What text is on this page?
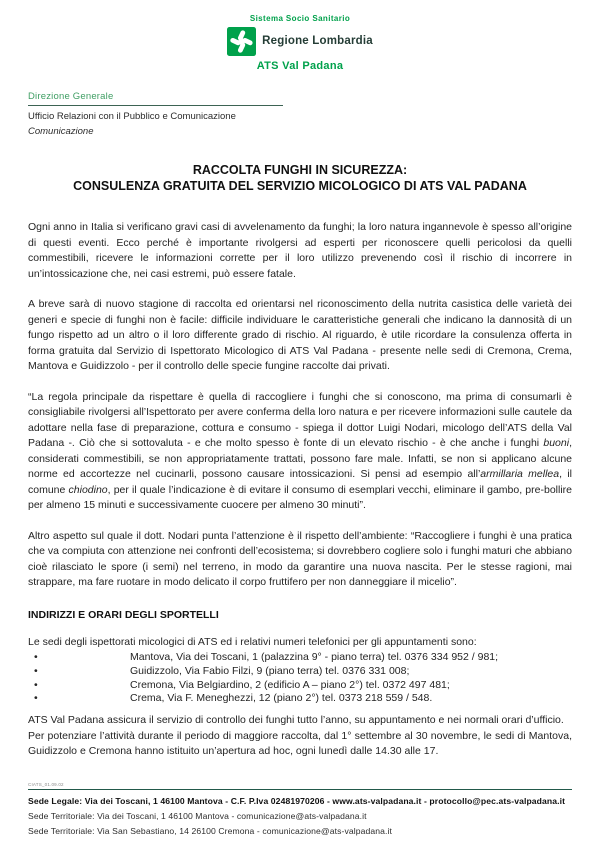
Sistema Socio Sanitario
Regione Lombardia
ATS Val Padana
Direzione Generale
Ufficio Relazioni con il Pubblico e Comunicazione
Comunicazione
RACCOLTA FUNGHI IN SICUREZZA:
CONSULENZA GRATUITA DEL SERVIZIO MICOLOGICO DI ATS VAL PADANA

Ogni anno in Italia si verificano gravi casi di avvelenamento da funghi; la loro natura ingannevole è spesso all’origine di questi eventi. Ecco perché è importante rivolgersi ad esperti per riconoscere quelli pericolosi da quelli commestibili, ricevere le informazioni corrette per il loro utilizzo prevenendo così il rischio di incorrere in un’intossicazione che, nei casi estremi, può essere fatale.

A breve sarà di nuovo stagione di raccolta ed orientarsi nel riconoscimento della nutrita casistica delle varietà dei generi e specie di funghi non è facile: difficile individuare le caratteristiche generali che indicano la dannosità di un fungo rispetto ad un altro o il loro differente grado di rischio. Al riguardo, è utile ricordare la consulenza offerta in forma gratuita dal Servizio di Ispettorato Micologico di ATS Val Padana - presente nelle sedi di Cremona, Crema, Mantova e Guidizzolo - per il controllo delle specie fungine raccolte dai privati.

“La regola principale da rispettare è quella di raccogliere i funghi che si conoscono, ma prima di consumarli è consigliabile rivolgersi all’Ispettorato per avere conferma della loro natura e per ricevere informazioni sulle cautele da adottare nella fase di preparazione, cottura e consumo - spiega il dottor Luigi Nodari, micologo dell’ATS della Val Padana -. Ciò che si sottovaluta - e che molto spesso è fonte di un elevato rischio - è che anche i funghi buoni, considerati commestibili, se non appropriatamente trattati, possono fare male. Infatti, se non si applicano alcune norme ed accortezze nel cucinarli, possono causare intossicazioni. Si pensi ad esempio all’armillaria mellea, il comune chiodino, per il quale l’indicazione è di evitare il consumo di esemplari vecchi, eliminare il gambo, pre-bollire per almeno 15 minuti e successivamente cuocere per almeno 30 minuti”.

Altro aspetto sul quale il dott. Nodari punta l’attenzione è il rispetto dell’ambiente: “Raccogliere i funghi è una pratica che va compiuta con attenzione nei confronti dell’ecosistema; si dovrebbero cogliere solo i funghi maturi che abbiano cioè rilasciato le spore (i semi) nel terreno, in modo da garantire una nuova nascita. Per le stesse ragioni, mai strappare, ma fare ruotare in modo delicato il corpo fruttifero per non danneggiare il micelio”.

INDIRIZZI E ORARI DEGLI SPORTELLI

Le sedi degli ispettorati micologici di ATS ed i relativi numeri telefonici per gli appuntamenti sono:

• Mantova, Via dei Toscani, 1 (palazzina 9° - piano terra) tel. 0376 334 952 / 981;
• Guidizzolo, Via Fabio Filzi, 9 (piano terra) tel. 0376 331 008;
• Cremona, Via Belgiardino, 2 (edificio A – piano 2°) tel. 0372 497 481;
• Crema, Via F. Meneghezzi, 12 (piano 2°) tel. 0373 218 559 / 548.

ATS Val Padana assicura il servizio di controllo dei funghi tutto l’anno, su appuntamento e nei normali orari d’ufficio.

Per potenziare l’attività durante il periodo di maggiore raccolta, dal 1° settembre al 30 novembre, le sedi di Mantova, Guidizzolo e Cremona hanno istituito un’apertura ad hoc, ogni lunedì dalle 14.30 alle 17.

CIATS_01.09.02
Sede Legale: Via dei Toscani, 1 46100 Mantova - C.F. P.Iva 02481970206 - www.ats-valpadana.it - protocollo@pec.ats-valpadana.it
Sede Territoriale: Via dei Toscani, 1 46100 Mantova - comunicazione@ats-valpadana.it
Sede Territoriale: Via San Sebastiano, 14 26100 Cremona - comunicazione@ats-valpadana.it
